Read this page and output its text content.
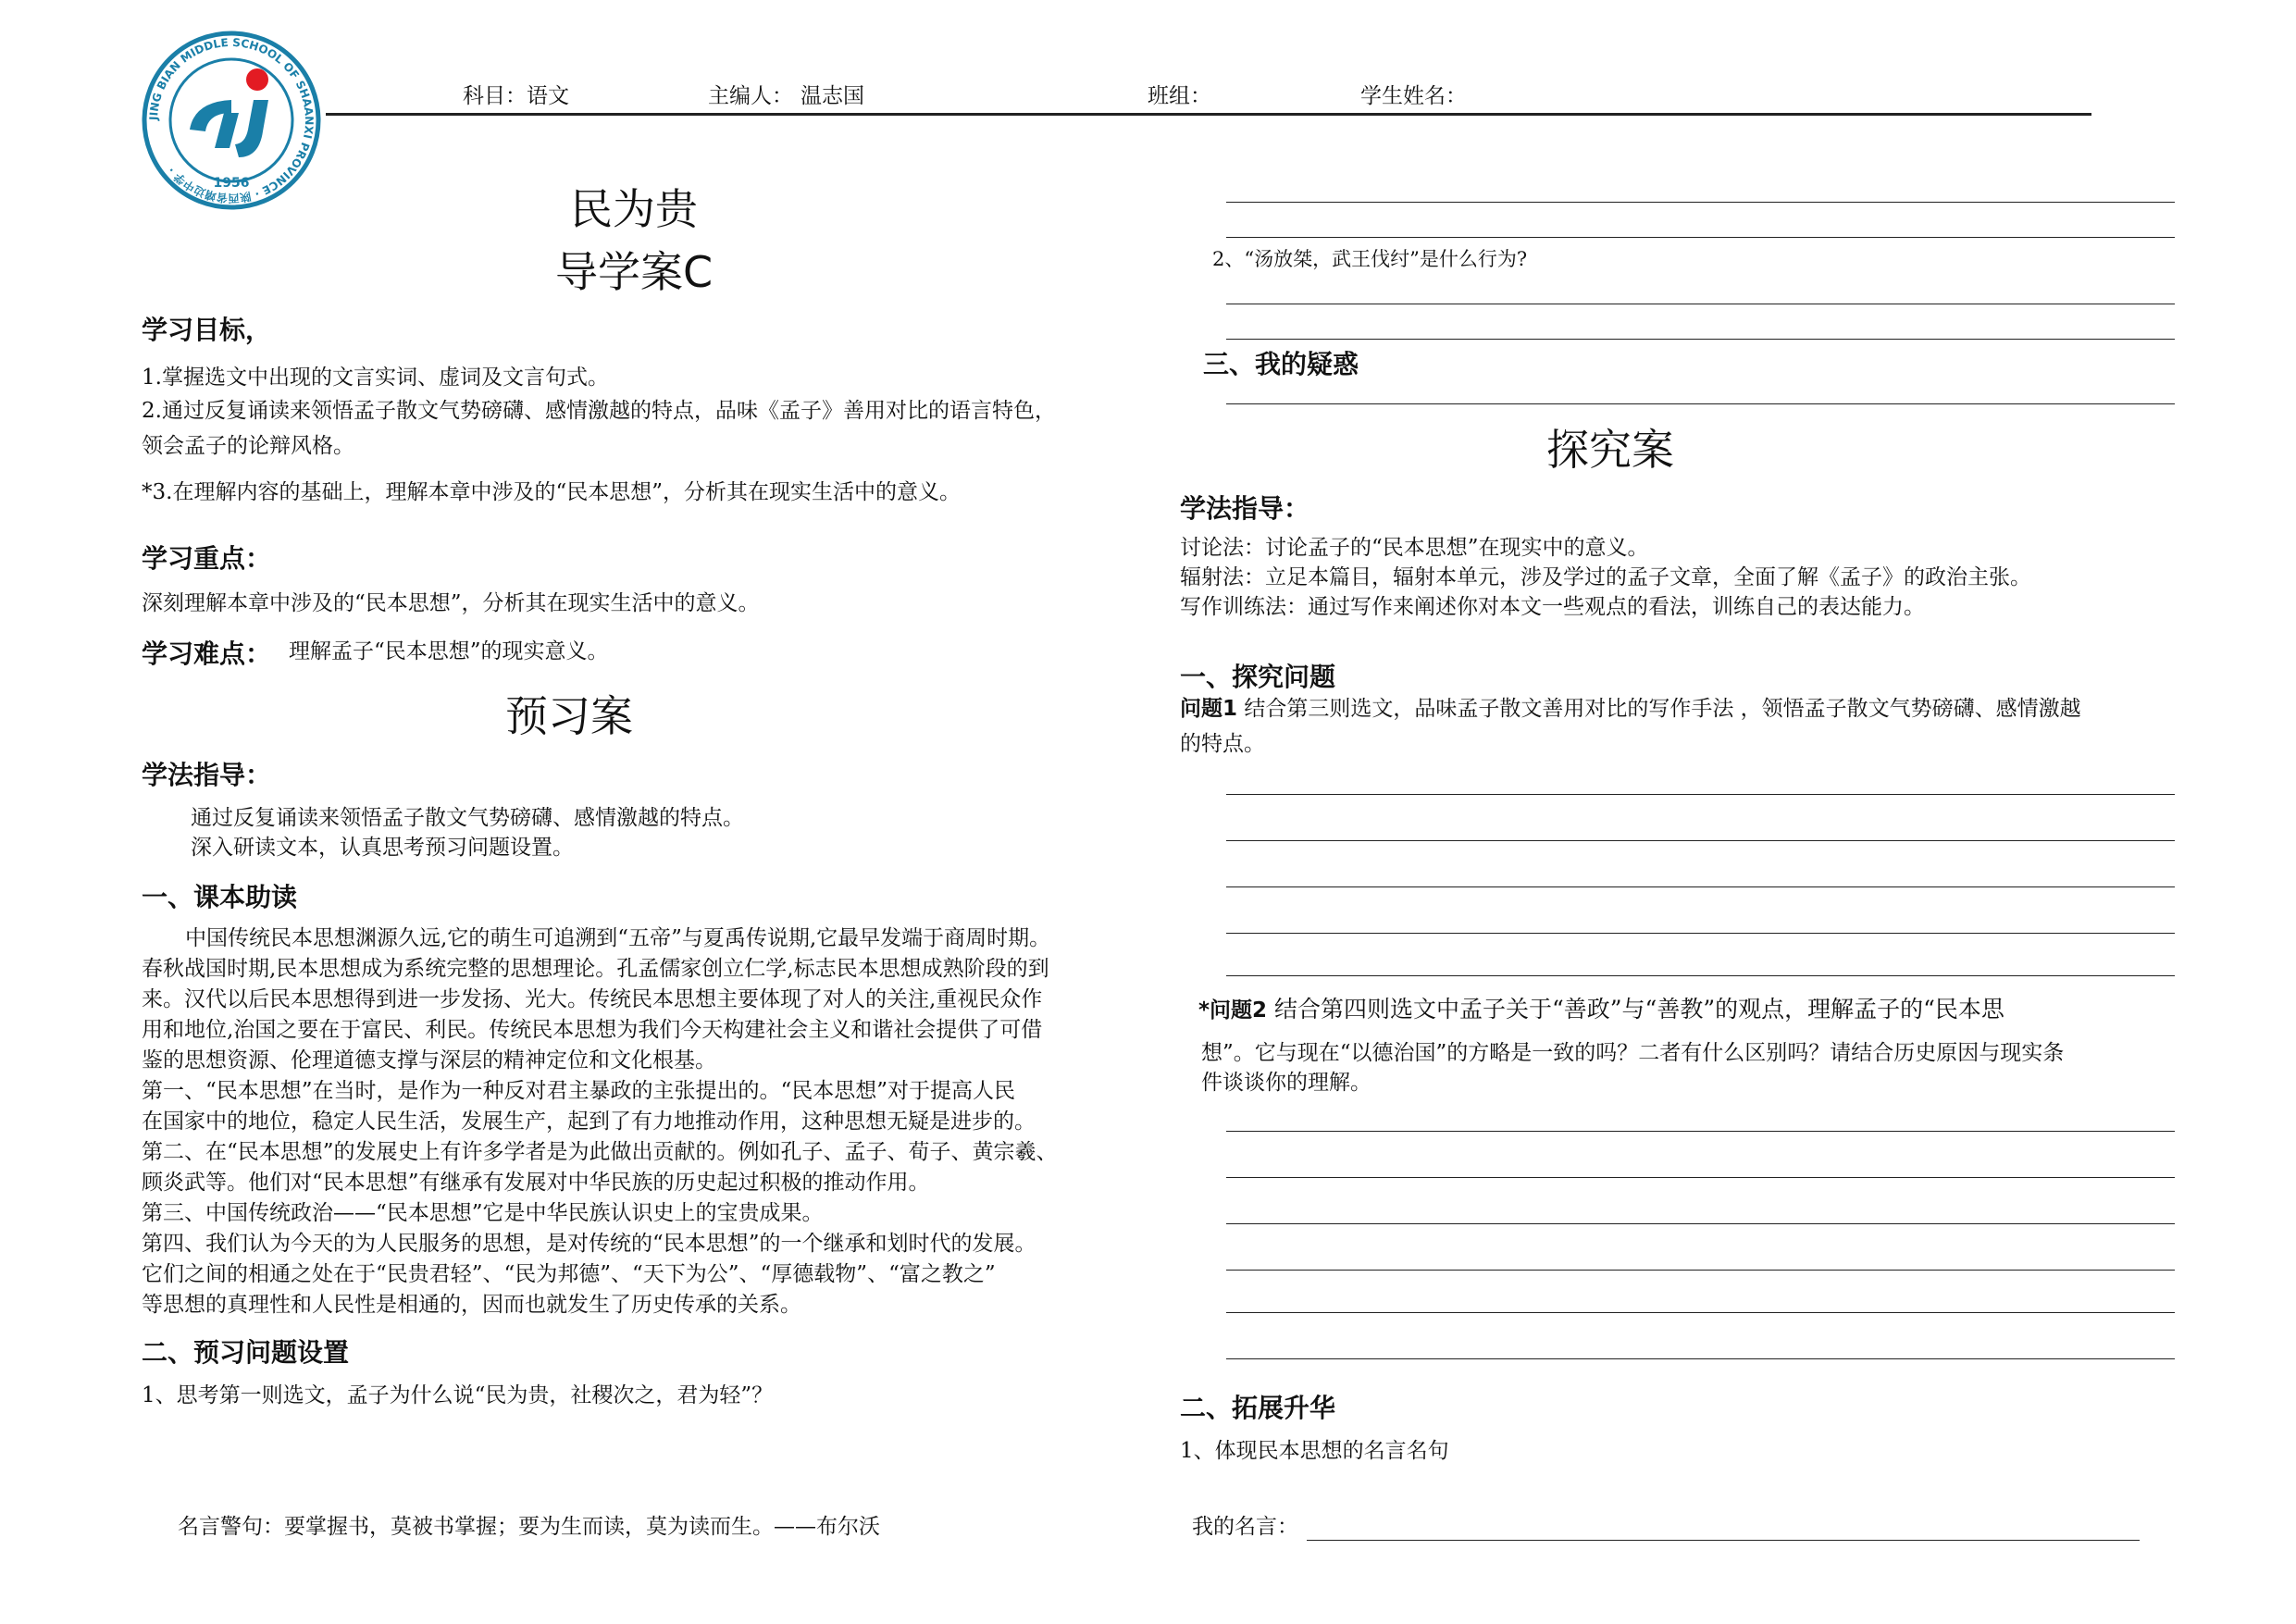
JING BIAN MIDDLE SCHOOL OF SHAANXI PROVINCE · 陕西省靖边中学 ·
1956
科目：语文	主编人： 温志国	班组：	学生姓名：
民为贵
导学案C
学习目标，
1.掌握选文中出现的文言实词、虚词及文言句式。
2.通过反复诵读来领悟孟子散文气势磅礴、感情激越的特点，品味《孟子》善用对比的语言特色，
领会孟子的论辩风格。
*3.在理解内容的基础上，理解本章中涉及的“民本思想”，分析其在现实生活中的意义。
学习重点：
深刻理解本章中涉及的“民本思想”，分析其在现实生活中的意义。
学习难点： 理解孟子“民本思想”的现实意义。
预习案
学法指导：
通过反复诵读来领悟孟子散文气势磅礴、感情激越的特点。
深入研读文本，认真思考预习问题设置。
一、课本助读
中国传统民本思想渊源久远,它的萌生可追溯到“五帝”与夏禹传说期,它最早发端于商周时期。
春秋战国时期,民本思想成为系统完整的思想理论。孔孟儒家创立仁学,标志民本思想成熟阶段的到
来。汉代以后民本思想得到进一步发扬、光大。传统民本思想主要体现了对人的关注,重视民众作
用和地位,治国之要在于富民、利民。传统民本思想为我们今天构建社会主义和谐社会提供了可借
鉴的思想资源、伦理道德支撑与深层的精神定位和文化根基。
第一、“民本思想”在当时，是作为一种反对君主暴政的主张提出的。“民本思想”对于提高人民
在国家中的地位，稳定人民生活，发展生产，起到了有力地推动作用，这种思想无疑是进步的。
第二、在“民本思想”的发展史上有许多学者是为此做出贡献的。例如孔子、孟子、荀子、黄宗羲、
顾炎武等。他们对“民本思想”有继承有发展对中华民族的历史起过积极的推动作用。
第三、中国传统政治——“民本思想”它是中华民族认识史上的宝贵成果。
第四、我们认为今天的为人民服务的思想，是对传统的“民本思想”的一个继承和划时代的发展。
它们之间的相通之处在于“民贵君轻”、“民为邦德”、“天下为公”、“厚德载物”、“富之教之”
等思想的真理性和人民性是相通的，因而也就发生了历史传承的关系。
二、预习问题设置
1、思考第一则选文，孟子为什么说“民为贵，社稷次之，君为轻”？
名言警句：要掌握书，莫被书掌握；要为生而读，莫为读而生。——布尔沃
2、“汤放桀，武王伐纣”是什么行为?
三、我的疑惑
探究案
学法指导：
讨论法：讨论孟子的“民本思想”在现实中的意义。
辐射法：立足本篇目，辐射本单元，涉及学过的孟子文章，全面了解《孟子》的政治主张。
写作训练法：通过写作来阐述你对本文一些观点的看法，训练自己的表达能力。
一、探究问题
问题1 结合第三则选文，品味孟子散文善用对比的写作手法 ，领悟孟子散文气势磅礴、感情激越
的特点。
*问题2 结合第四则选文中孟子关于“善政”与“善教”的观点，理解孟子的“民本思
想”。它与现在“以德治国”的方略是一致的吗？二者有什么区别吗？请结合历史原因与现实条
件谈谈你的理解。
二、拓展升华
1、体现民本思想的名言名句
我的名言：
